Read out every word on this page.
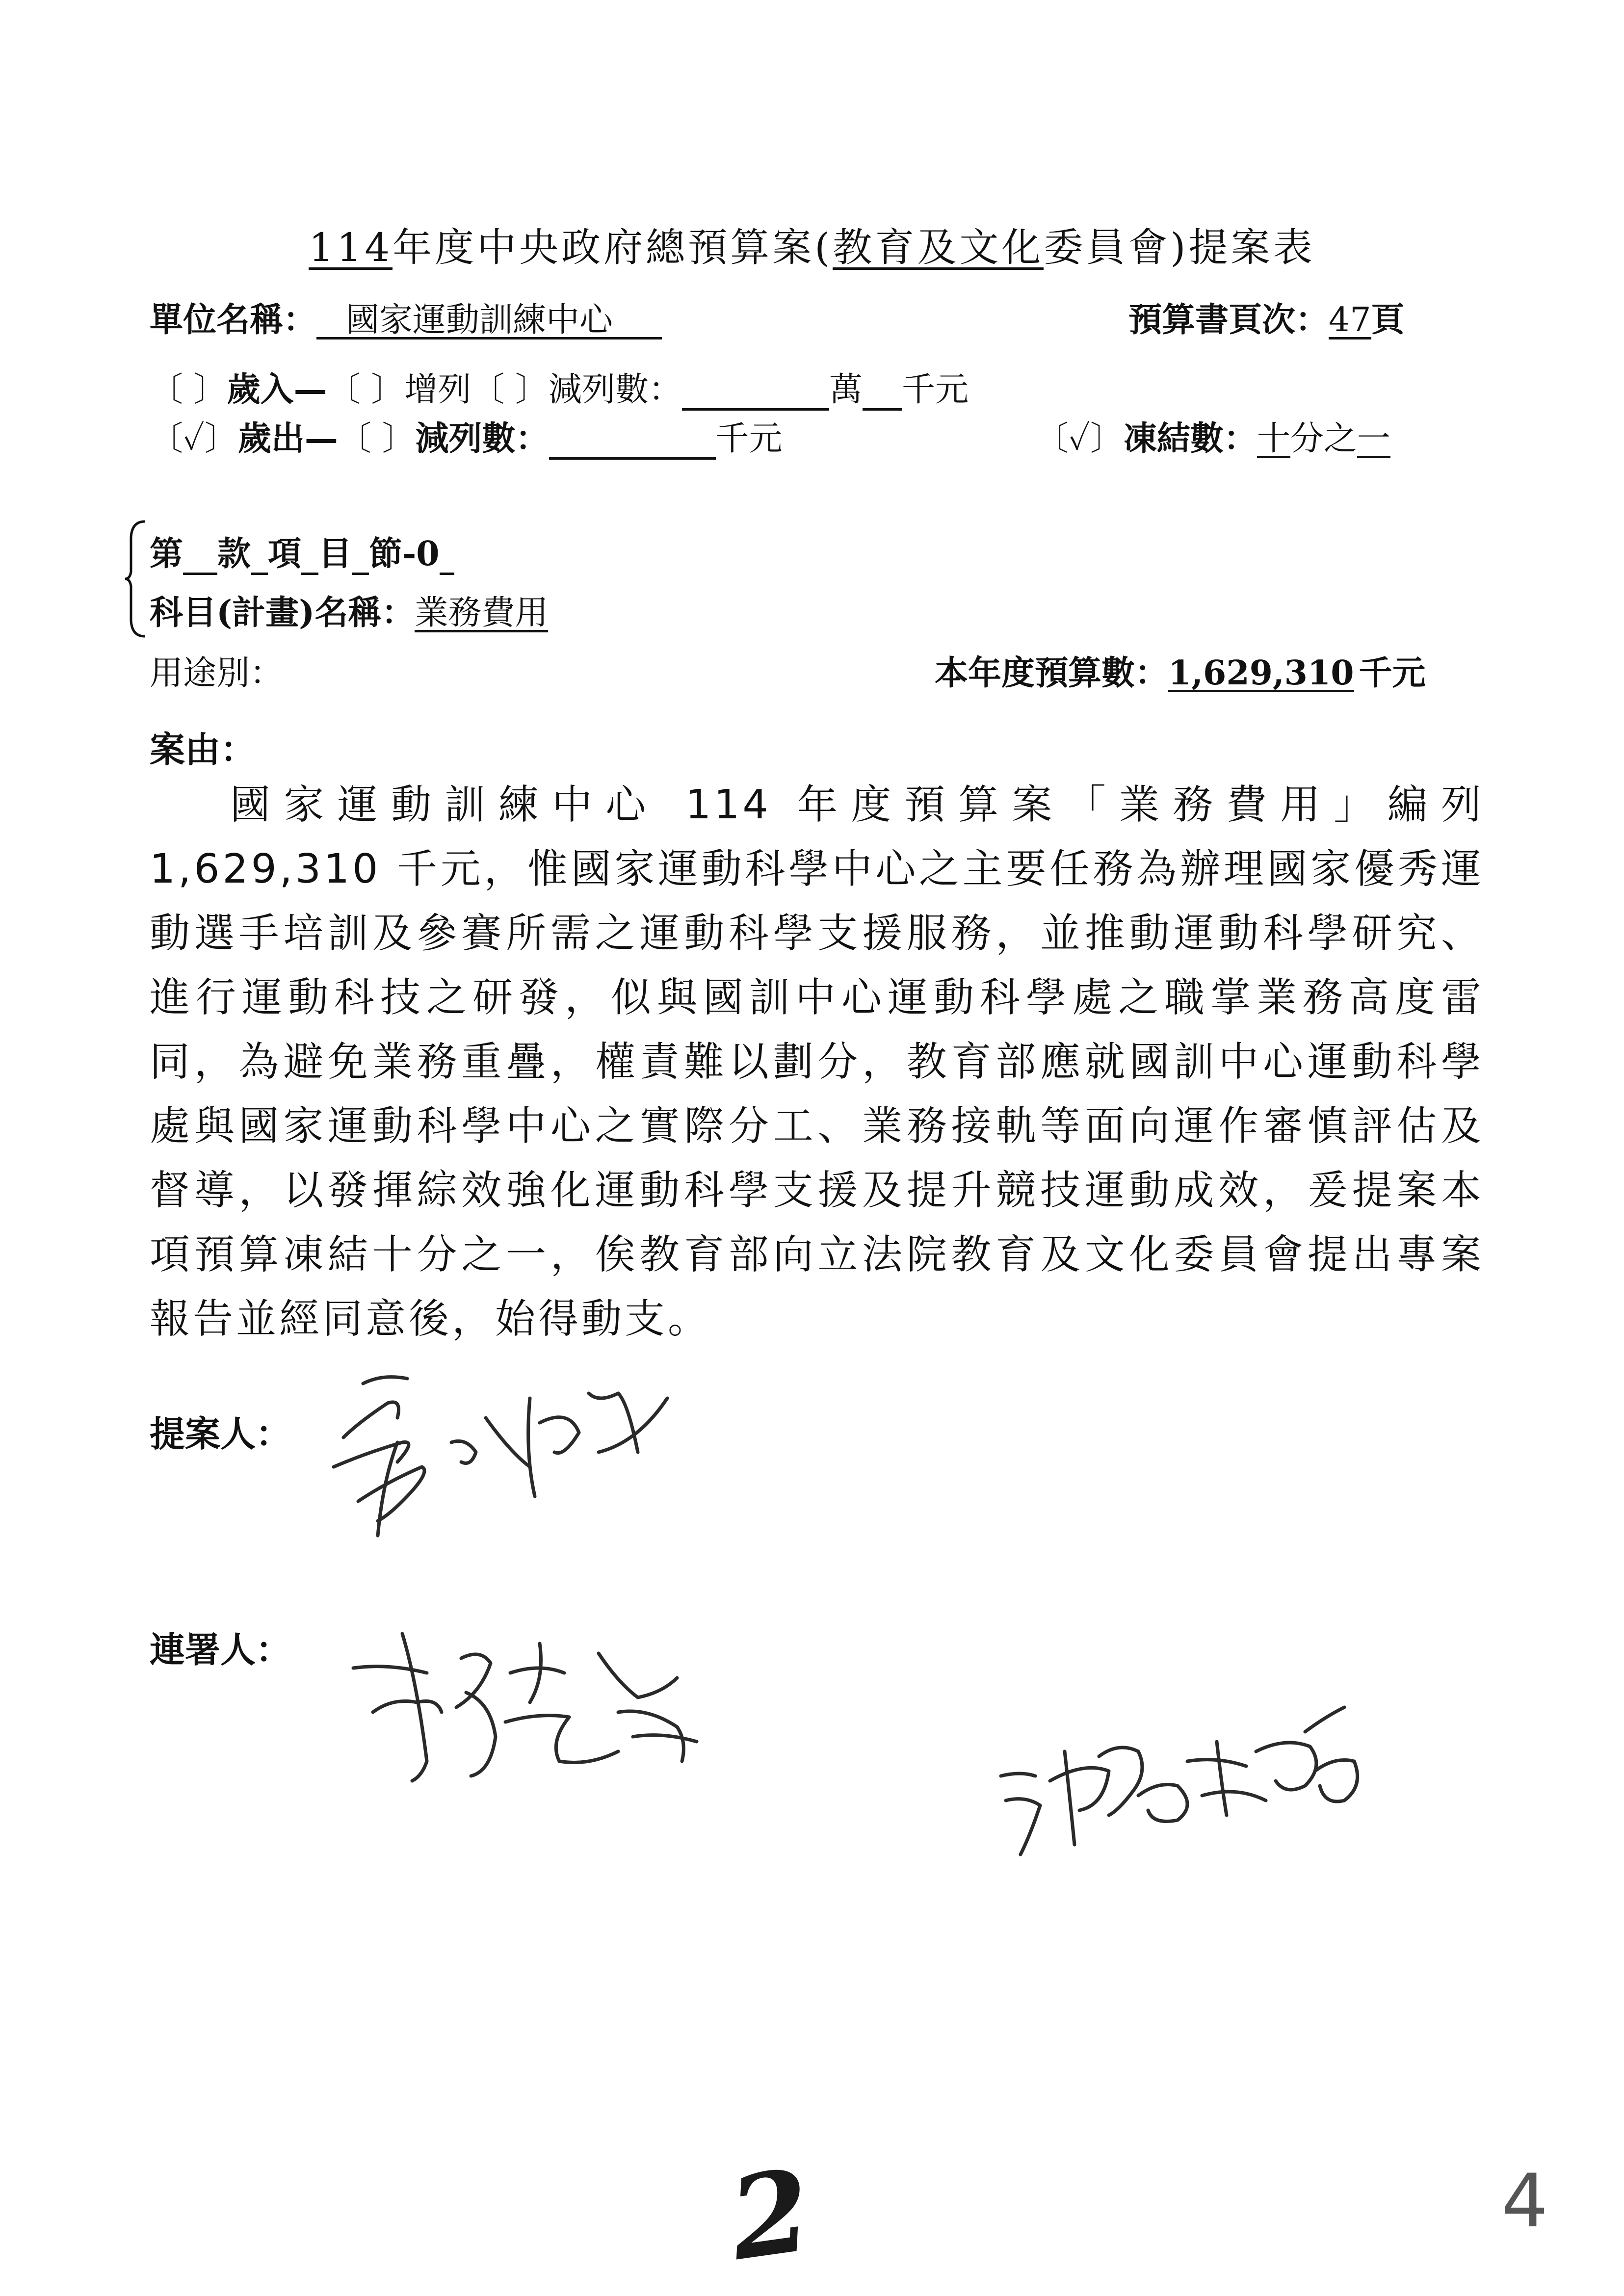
114年度中央政府總預算案(教育及文化委員會)提案表
單位名稱： 國家運動訓練中心	預算書頁次：47頁
〔 〕歲入—〔 〕增列〔 〕減列數：	萬 千元
〔✓〕歲出—〔 〕減列數：	千元	〔✓〕凍結數：十分之一
第 款 項 目 節-0
科目(計畫)名稱：業務費用
用途別：	本年度預算數：1,629,310 千元
案由：
國家運動訓練中心 114 年度預算案「業務費用」編列 1,629,310 千元，惟國家運動科學中心之主要任務為辦理國家優秀運動選手培訓及參賽所需之運動科學支援服務，並推動運動科學研究、進行運動科技之研發，似與國訓中心運動科學處之職掌業務高度雷同，為避免業務重疊，權責難以劃分，教育部應就國訓中心運動科學處與國家運動科學中心之實際分工、業務接軌等面向運作審慎評估及督導，以發揮綜效強化運動科學支援及提升競技運動成效，爰提案本項預算凍結十分之一，俟教育部向立法院教育及文化委員會提出專案報告並經同意後，始得動支。
提案人：
連署人：
2	4
